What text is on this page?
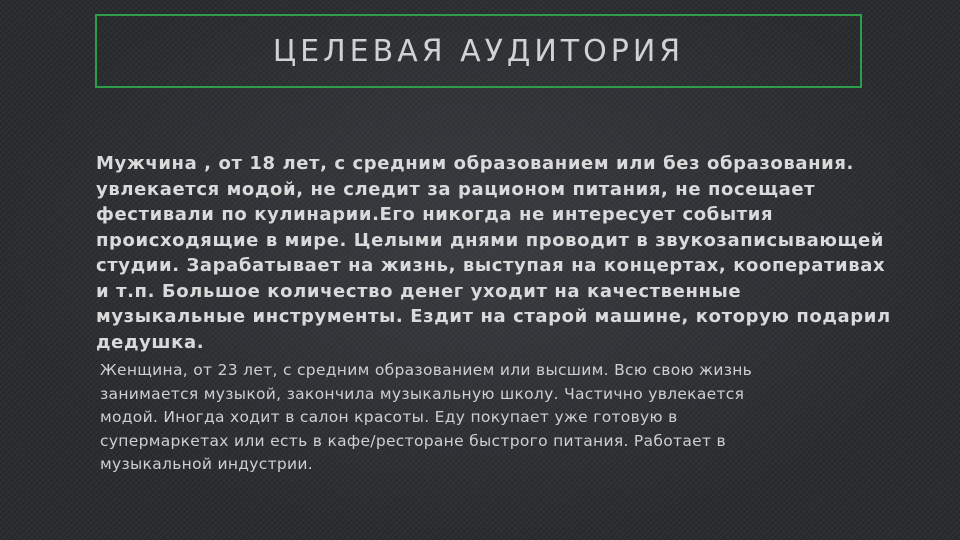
ЦЕЛЕВАЯ АУДИТОРИЯ

Мужчина , от 18 лет, с средним образованием или без образования. увлекается модой, не следит за рационом питания, не посещает фестивали по кулинарии.Его никогда не интересует события происходящие в мире. Целыми днями проводит в звукозаписывающей студии. Зарабатывает на жизнь, выступая на концертах, кооперативах и т.п. Большое количество денег уходит на качественные музыкальные инструменты. Ездит на старой машине, которую подарил дедушка.

Женщина, от 23 лет, с средним образованием или высшим. Всю свою жизнь занимается музыкой, закончила музыкальную школу. Частично увлекается модой. Иногда ходит в салон красоты. Еду покупает уже готовую в супермаркетах или есть в кафе/ресторане быстрого питания. Работает в музыкальной индустрии.
